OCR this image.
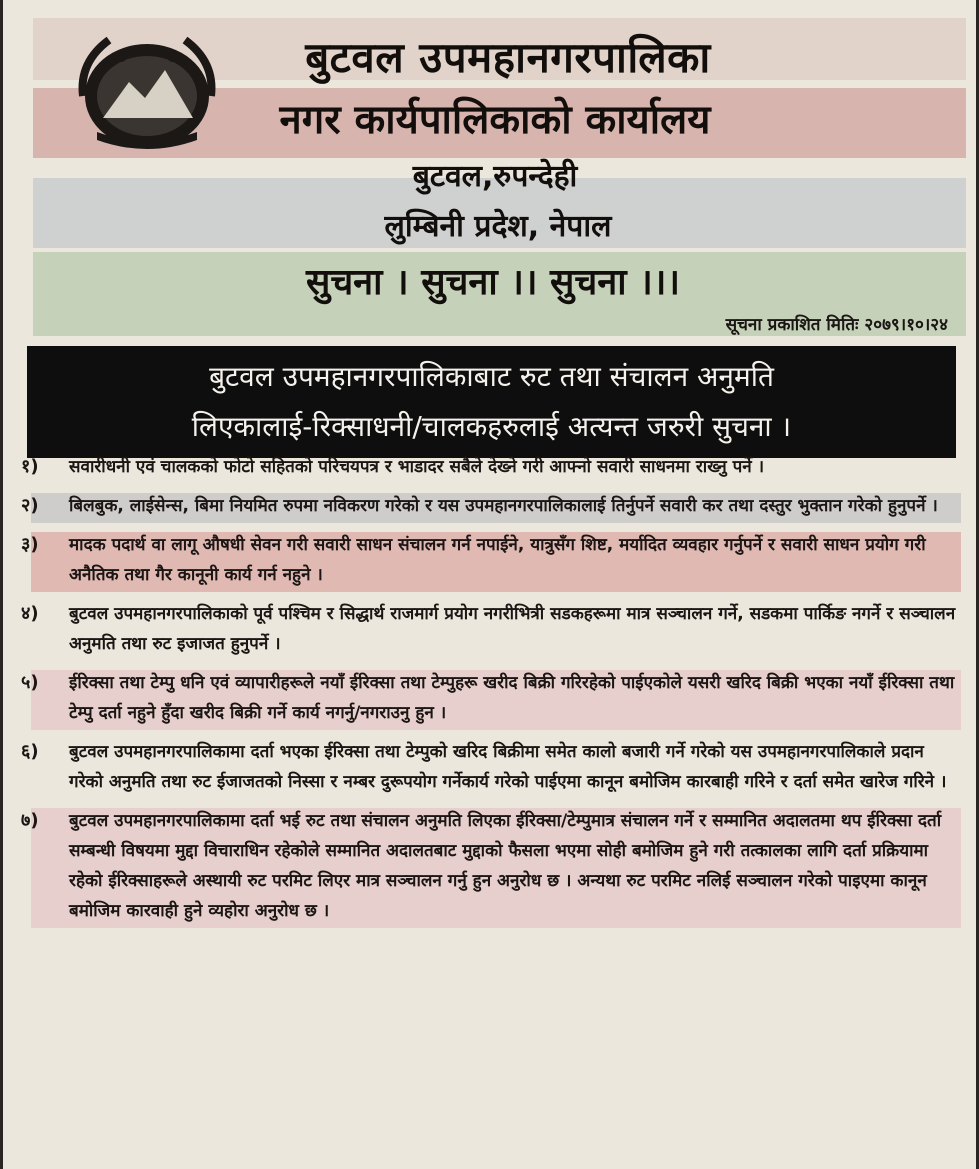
बुटवल उपमहानगरपालिका
नगर कार्यपालिकाको कार्यालय
बुटवल,रुपन्देही
लुम्बिनी प्रदेश, नेपाल
सुचना । सुचना ।। सुचना ।।।
सूचना प्रकाशित मितिः २०७९।१०।२४
बुटवल उपमहानगरपालिकाबाट रुट तथा संचालन अनुमति
लिएकालाई-रिक्साधनी/चालकहरुलाई अत्यन्त जरुरी सुचना ।
१)	सवारीधनी एवं चालकको फोटो सहितको परिचयपत्र र भाडादर सबैले देख्ने गरी आफ्नो सवारी साधनमा राख्नु पर्ने ।
२)	बिलबुक, लाईसेन्स, बिमा नियमित रुपमा नविकरण गरेको र यस उपमहानगरपालिकालाई तिर्नुपर्ने सवारी कर तथा दस्तुर भुक्तान गरेको हुनुपर्ने ।
३)	मादक पदार्थ वा लागू औषधी सेवन गरी सवारी साधन संचालन गर्न नपाईने, यात्रुसँग शिष्ट, मर्यादित व्यवहार गर्नुपर्ने र सवारी साधन प्रयोग गरी अनैतिक तथा गैर कानूनी कार्य गर्न नहुने ।
४)	बुटवल उपमहानगरपालिकाको पूर्व पश्चिम र सिद्धार्थ राजमार्ग प्रयोग नगरीभित्री सडकहरूमा मात्र सञ्चालन गर्ने, सडकमा पार्किङ नगर्ने र सञ्चालन अनुमति तथा रुट इजाजत हुनुपर्ने ।
५)	ईरिक्सा तथा टेम्पु धनि एवं व्यापारीहरूले नयाँ ईरिक्सा तथा टेम्पुहरू खरीद बिक्री गरिरहेको पाईएकोले यसरी खरिद बिक्री भएका नयाँ ईरिक्सा तथा टेम्पु दर्ता नहुने हुँदा खरीद बिक्री गर्ने कार्य नगर्नु/नगराउनु हुन ।
६)	बुटवल उपमहानगरपालिकामा दर्ता भएका ईरिक्सा तथा टेम्पुको खरिद बिक्रीमा समेत कालो बजारी गर्ने गरेको यस उपमहानगरपालिकाले प्रदान गरेको अनुमति तथा रुट ईजाजतको निस्सा र नम्बर दुरूपयोग गर्नेकार्य गरेको पाईएमा कानून बमोजिम कारबाही गरिने र दर्ता समेत खारेज गरिने ।
७)	बुटवल उपमहानगरपालिकामा दर्ता भई रुट तथा संचालन अनुमति लिएका ईरिक्सा/टेम्पुमात्र संचालन गर्ने र सम्मानित अदालतमा थप ईरिक्सा दर्ता सम्बन्धी विषयमा मुद्दा विचाराधिन रहेकोले सम्मानित अदालतबाट मुद्दाको फैसला भएमा सोही बमोजिम हुने गरी तत्कालका लागि दर्ता प्रक्रियामा रहेको ईरिक्साहरूले अस्थायी रुट परमिट लिएर मात्र सञ्चालन गर्नु हुन अनुरोध छ । अन्यथा रुट परमिट नलिई सञ्चालन गरेको पाइएमा कानून बमोजिम कारवाही हुने व्यहोरा अनुरोध छ ।
